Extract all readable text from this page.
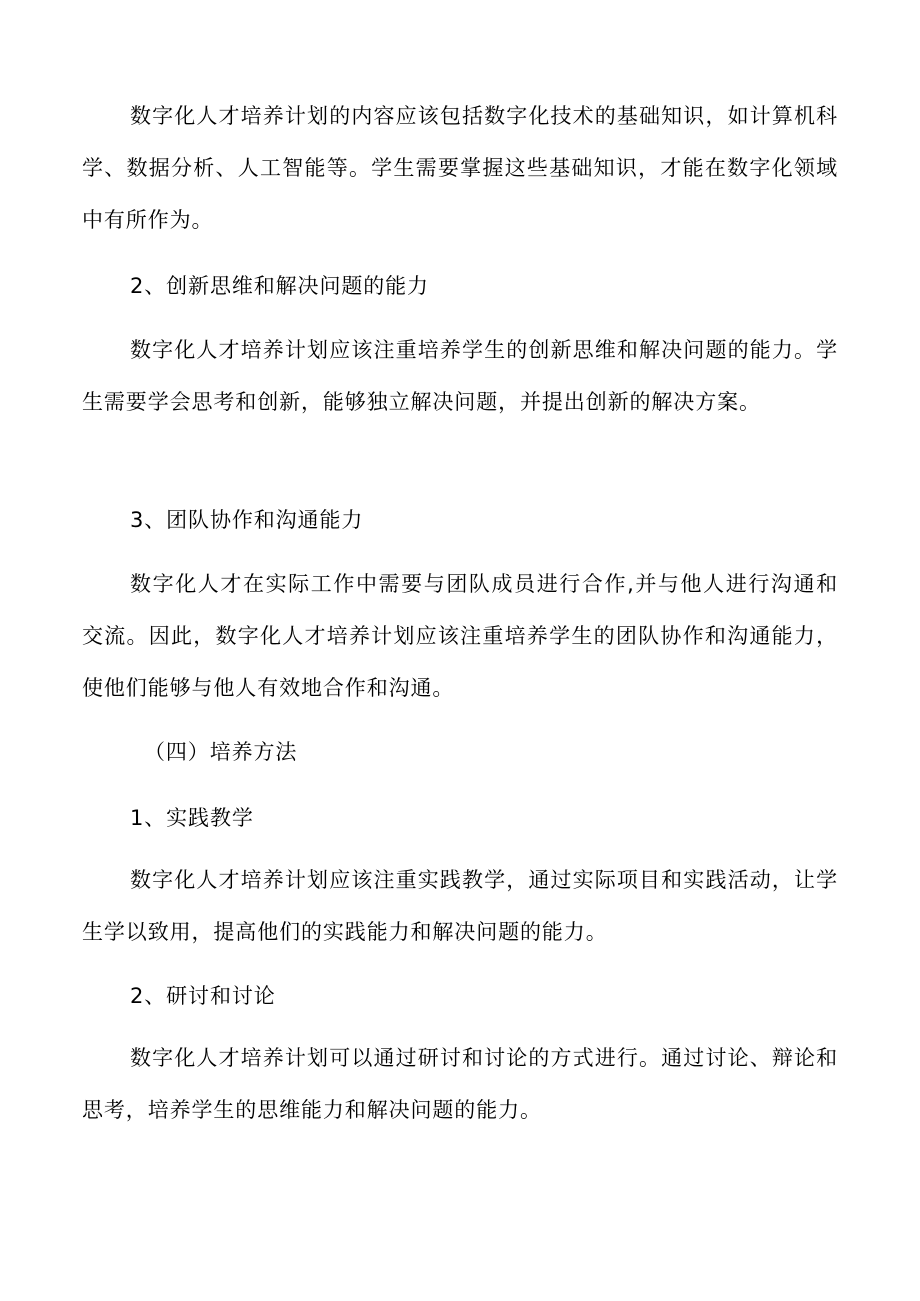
数字化人才培养计划的内容应该包括数字化技术的基础知识，如计算机科学、数据分析、人工智能等。学生需要掌握这些基础知识，才能在数字化领域中有所作为。

2、创新思维和解决问题的能力

数字化人才培养计划应该注重培养学生的创新思维和解决问题的能力。学生需要学会思考和创新，能够独立解决问题，并提出创新的解决方案。

3、团队协作和沟通能力

数字化人才在实际工作中需要与团队成员进行合作,并与他人进行沟通和交流。因此，数字化人才培养计划应该注重培养学生的团队协作和沟通能力，使他们能够与他人有效地合作和沟通。

（四）培养方法

1、实践教学

数字化人才培养计划应该注重实践教学，通过实际项目和实践活动，让学生学以致用，提高他们的实践能力和解决问题的能力。

2、研讨和讨论

数字化人才培养计划可以通过研讨和讨论的方式进行。通过讨论、辩论和思考，培养学生的思维能力和解决问题的能力。
